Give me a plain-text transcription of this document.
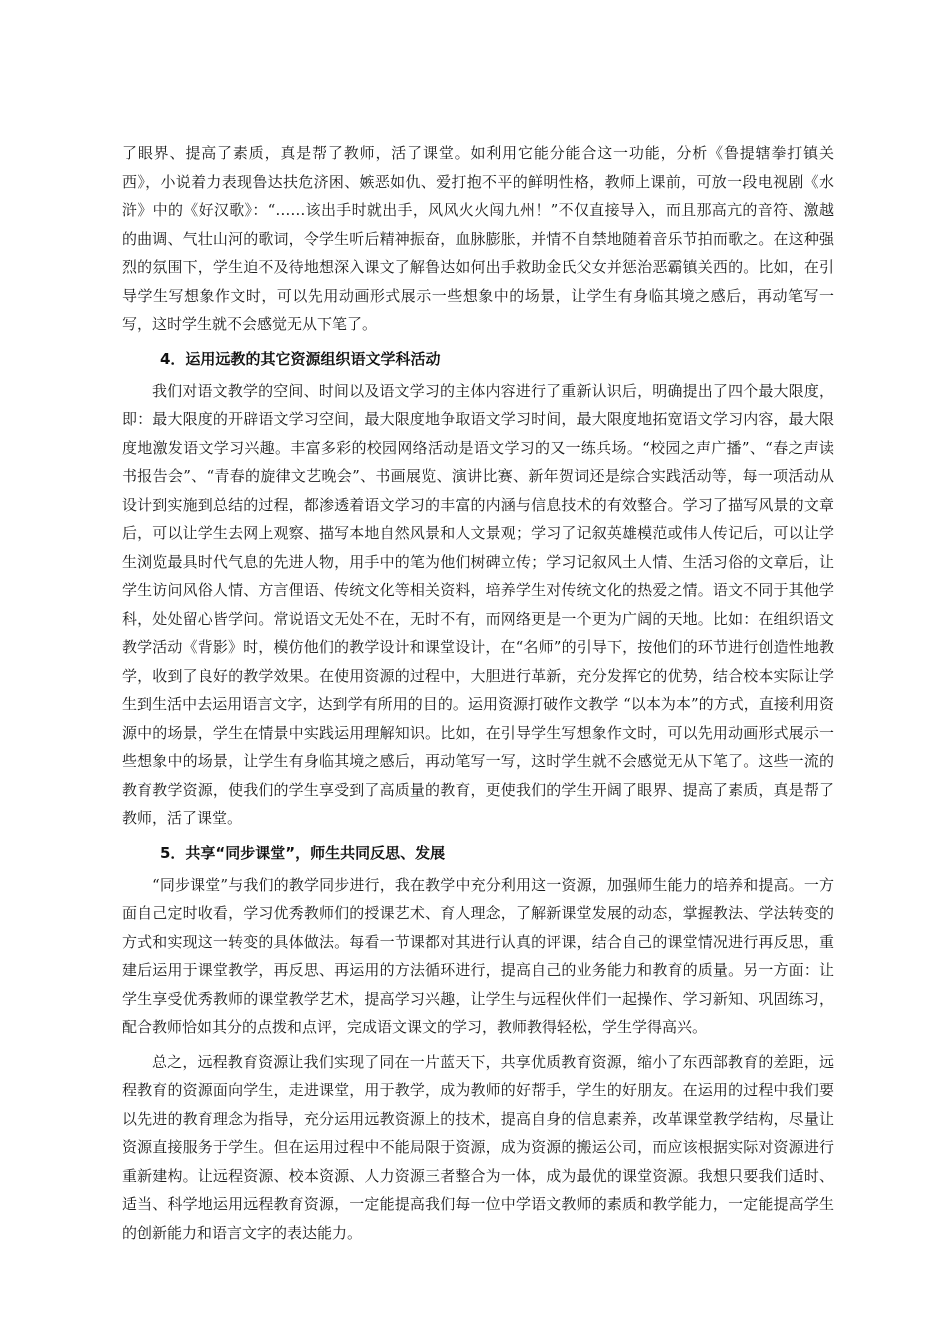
了眼界、提高了素质，真是帮了教师，活了课堂。如利用它能分能合这一功能，分析《鲁提辖拳打镇关西》，小说着力表现鲁达扶危济困、嫉恶如仇、爱打抱不平的鲜明性格，教师上课前，可放一段电视剧《水浒》中的《好汉歌》：“……该出手时就出手，风风火火闯九州！”不仅直接导入，而且那高亢的音符、激越的曲调、气壮山河的歌词，令学生听后精神振奋，血脉膨胀，并情不自禁地随着音乐节拍而歌之。在这种强烈的氛围下，学生迫不及待地想深入课文了解鲁达如何出手救助金氏父女并惩治恶霸镇关西的。比如，在引导学生写想象作文时，可以先用动画形式展示一些想象中的场景，让学生有身临其境之感后，再动笔写一写，这时学生就不会感觉无从下笔了。

4．运用远教的其它资源组织语文学科活动

我们对语文教学的空间、时间以及语文学习的主体内容进行了重新认识后，明确提出了四个最大限度，即：最大限度的开辟语文学习空间，最大限度地争取语文学习时间，最大限度地拓宽语文学习内容，最大限度地激发语文学习兴趣。丰富多彩的校园网络活动是语文学习的又一练兵场。“校园之声广播”、“春之声读书报告会”、“青春的旋律文艺晚会”、书画展览、演讲比赛、新年贺词还是综合实践活动等，每一项活动从设计到实施到总结的过程，都渗透着语文学习的丰富的内涵与信息技术的有效整合。学习了描写风景的文章后，可以让学生去网上观察、描写本地自然风景和人文景观；学习了记叙英雄模范或伟人传记后，可以让学生浏览最具时代气息的先进人物，用手中的笔为他们树碑立传；学习记叙风土人情、生活习俗的文章后，让学生访问风俗人情、方言俚语、传统文化等相关资料，培养学生对传统文化的热爱之情。语文不同于其他学科，处处留心皆学问。常说语文无处不在，无时不有，而网络更是一个更为广阔的天地。比如：在组织语文教学活动《背影》时，模仿他们的教学设计和课堂设计，在“名师”的引导下，按他们的环节进行创造性地教学，收到了良好的教学效果。在使用资源的过程中，大胆进行革新，充分发挥它的优势，结合校本实际让学生到生活中去运用语言文字，达到学有所用的目的。运用资源打破作文教学 “以本为本”的方式，直接利用资源中的场景，学生在情景中实践运用理解知识。比如，在引导学生写想象作文时，可以先用动画形式展示一些想象中的场景，让学生有身临其境之感后，再动笔写一写，这时学生就不会感觉无从下笔了。这些一流的教育教学资源，使我们的学生享受到了高质量的教育，更使我们的学生开阔了眼界、提高了素质，真是帮了教师，活了课堂。

5．共享“同步课堂”，师生共同反思、发展

“同步课堂”与我们的教学同步进行，我在教学中充分利用这一资源，加强师生能力的培养和提高。一方面自己定时收看，学习优秀教师们的授课艺术、育人理念，了解新课堂发展的动态，掌握教法、学法转变的方式和实现这一转变的具体做法。每看一节课都对其进行认真的评课，结合自己的课堂情况进行再反思，重建后运用于课堂教学，再反思、再运用的方法循环进行，提高自己的业务能力和教育的质量。另一方面：让学生享受优秀教师的课堂教学艺术，提高学习兴趣，让学生与远程伙伴们一起操作、学习新知、巩固练习，配合教师恰如其分的点拨和点评，完成语文课文的学习，教师教得轻松，学生学得高兴。

总之，远程教育资源让我们实现了同在一片蓝天下，共享优质教育资源，缩小了东西部教育的差距，远程教育的资源面向学生，走进课堂，用于教学，成为教师的好帮手，学生的好朋友。在运用的过程中我们要以先进的教育理念为指导，充分运用远教资源上的技术，提高自身的信息素养，改革课堂教学结构，尽量让资源直接服务于学生。但在运用过程中不能局限于资源，成为资源的搬运公司，而应该根据实际对资源进行重新建构。让远程资源、校本资源、人力资源三者整合为一体，成为最优的课堂资源。我想只要我们适时、适当、科学地运用远程教育资源，一定能提高我们每一位中学语文教师的素质和教学能力，一定能提高学生的创新能力和语言文字的表达能力。
